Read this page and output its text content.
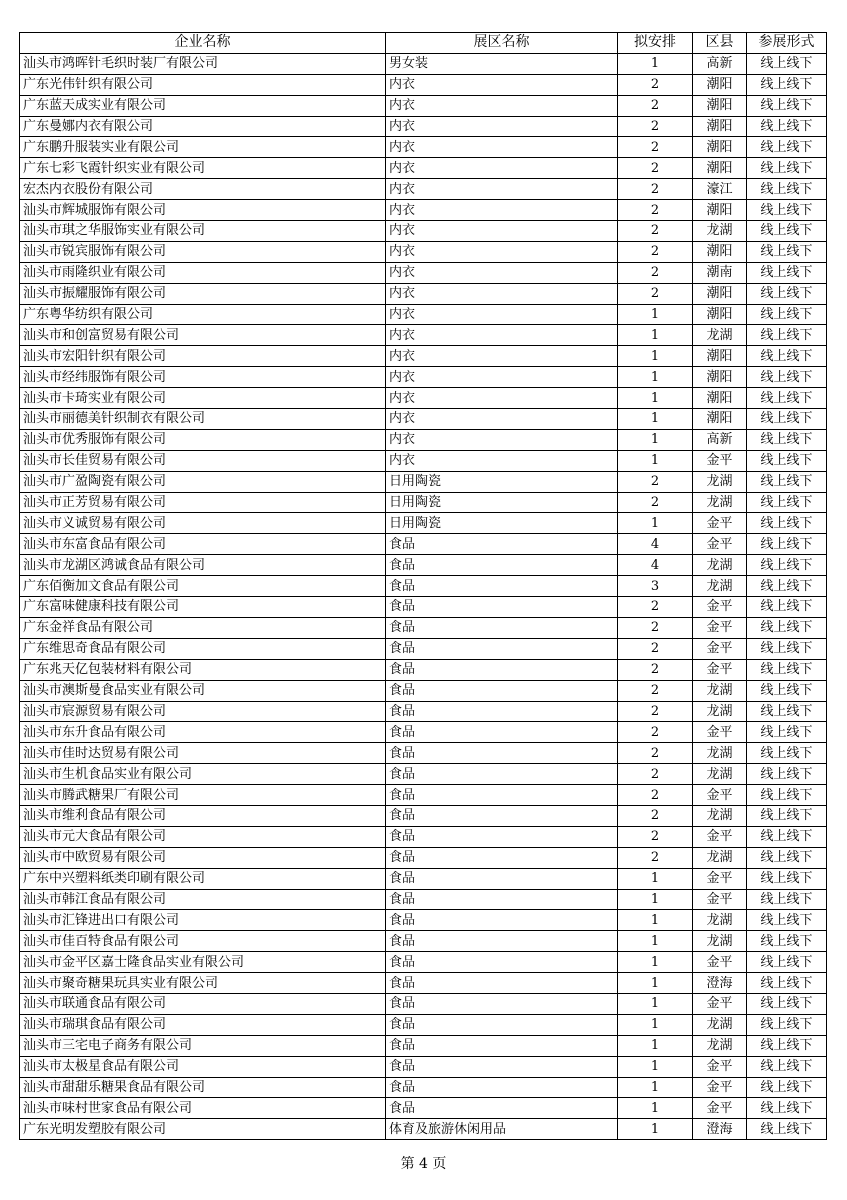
企业名称	展区名称	拟安排	区县	参展形式
汕头市鸿晖针毛织时装厂有限公司	男女装	1	高新	线上线下
广东光伟针织有限公司	内衣	2	潮阳	线上线下
广东蓝天成实业有限公司	内衣	2	潮阳	线上线下
广东曼娜内衣有限公司	内衣	2	潮阳	线上线下
广东鹏升服装实业有限公司	内衣	2	潮阳	线上线下
广东七彩飞霞针织实业有限公司	内衣	2	潮阳	线上线下
宏杰内衣股份有限公司	内衣	2	濠江	线上线下
汕头市辉城服饰有限公司	内衣	2	潮阳	线上线下
汕头市琪之华服饰实业有限公司	内衣	2	龙湖	线上线下
汕头市锐宾服饰有限公司	内衣	2	潮阳	线上线下
汕头市雨隆织业有限公司	内衣	2	潮南	线上线下
汕头市振耀服饰有限公司	内衣	2	潮阳	线上线下
广东粤华纺织有限公司	内衣	1	潮阳	线上线下
汕头市和创富贸易有限公司	内衣	1	龙湖	线上线下
汕头市宏阳针织有限公司	内衣	1	潮阳	线上线下
汕头市经纬服饰有限公司	内衣	1	潮阳	线上线下
汕头市卡琦实业有限公司	内衣	1	潮阳	线上线下
汕头市丽德美针织制衣有限公司	内衣	1	潮阳	线上线下
汕头市优秀服饰有限公司	内衣	1	高新	线上线下
汕头市长佳贸易有限公司	内衣	1	金平	线上线下
汕头市广盈陶瓷有限公司	日用陶瓷	2	龙湖	线上线下
汕头市正芳贸易有限公司	日用陶瓷	2	龙湖	线上线下
汕头市义诚贸易有限公司	日用陶瓷	1	金平	线上线下
汕头市东富食品有限公司	食品	4	金平	线上线下
汕头市龙湖区鸿诚食品有限公司	食品	4	龙湖	线上线下
广东佰衡加文食品有限公司	食品	3	龙湖	线上线下
广东富味健康科技有限公司	食品	2	金平	线上线下
广东金祥食品有限公司	食品	2	金平	线上线下
广东维思奇食品有限公司	食品	2	金平	线上线下
广东兆天亿包装材料有限公司	食品	2	金平	线上线下
汕头市澳斯曼食品实业有限公司	食品	2	龙湖	线上线下
汕头市宸源贸易有限公司	食品	2	龙湖	线上线下
汕头市东升食品有限公司	食品	2	金平	线上线下
汕头市佳时达贸易有限公司	食品	2	龙湖	线上线下
汕头市生机食品实业有限公司	食品	2	龙湖	线上线下
汕头市腾武糖果厂有限公司	食品	2	金平	线上线下
汕头市维利食品有限公司	食品	2	龙湖	线上线下
汕头市元大食品有限公司	食品	2	金平	线上线下
汕头市中欧贸易有限公司	食品	2	龙湖	线上线下
广东中兴塑料纸类印刷有限公司	食品	1	金平	线上线下
汕头市韩江食品有限公司	食品	1	金平	线上线下
汕头市汇锋进出口有限公司	食品	1	龙湖	线上线下
汕头市佳百特食品有限公司	食品	1	龙湖	线上线下
汕头市金平区嘉士隆食品实业有限公司	食品	1	金平	线上线下
汕头市聚奇糖果玩具实业有限公司	食品	1	澄海	线上线下
汕头市联通食品有限公司	食品	1	金平	线上线下
汕头市瑞琪食品有限公司	食品	1	龙湖	线上线下
汕头市三宅电子商务有限公司	食品	1	龙湖	线上线下
汕头市太极星食品有限公司	食品	1	金平	线上线下
汕头市甜甜乐糖果食品有限公司	食品	1	金平	线上线下
汕头市味村世家食品有限公司	食品	1	金平	线上线下
广东光明发塑胶有限公司	体育及旅游休闲用品	1	澄海	线上线下
第 4 页
